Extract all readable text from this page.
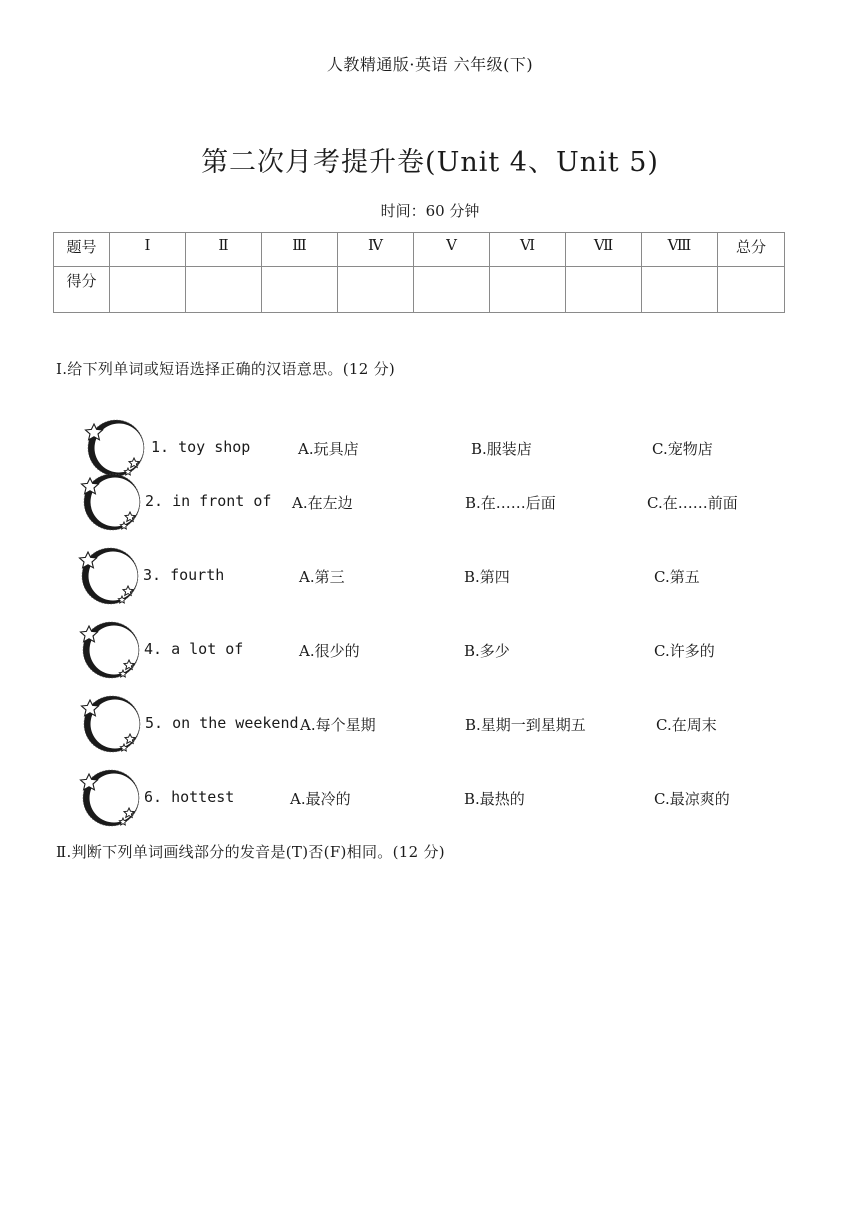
人教精通版·英语 六年级(下)
第二次月考提升卷(Unit 4、Unit 5)
时间：60 分钟
题号	Ⅰ	Ⅱ	Ⅲ	Ⅳ	Ⅴ	Ⅵ	Ⅶ	Ⅷ	总分
得分									
Ⅰ.给下列单词或短语选择正确的汉语意思。(12 分)
1. toy shop	A.玩具店	B.服装店	C.宠物店
2. in front of A.在左边	B.在……后面	C.在……前面
3. fourth	A.第三	B.第四	C.第五
4. a lot of	A.很少的	B.多少	C.许多的
5. on the weekend A.每个星期	B.星期一到星期五	C.在周末
6. hottest	A.最冷的	B.最热的	C.最凉爽的
Ⅱ.判断下列单词画线部分的发音是(T)否(F)相同。(12 分)
